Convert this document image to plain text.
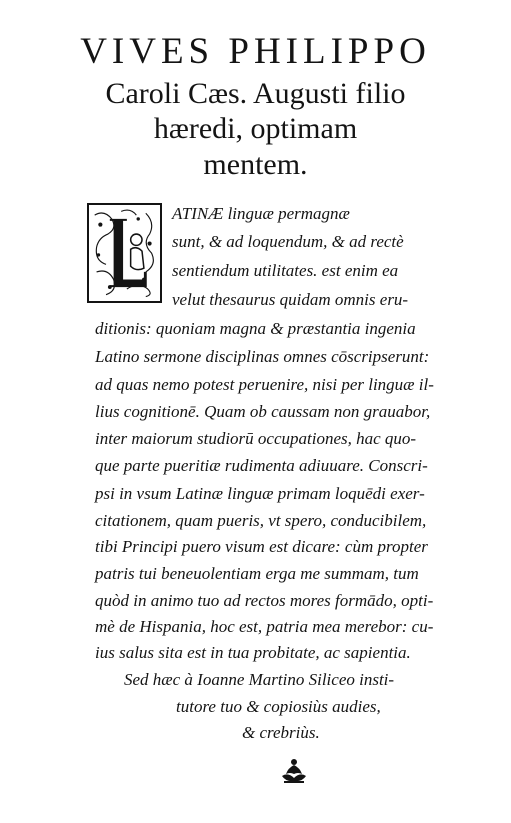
VIVES PHILIPPO
Caroli Cæs. Augusti filio
hæredi, optimam
mentem.
ATINÆ linguæ permagnæ
sunt, & ad loquendum, & ad rectè
sentiendum utilitates. est enim ea
velut thesaurus quidam omnis eru-
ditionis: quoniam magna & præstantia ingenia
Latino sermone disciplinas omnes cōscripserunt:
ad quas nemo potest peruenire, nisi per linguæ il-
lius cognitionē. Quam ob caussam non grauabor,
inter maiorum studiorū occupationes, hac quo-
que parte pueritiæ rudimenta adiuuare. Conscri-
psi in vsum Latinæ linguæ primam loquēdi exer-
citationem, quam pueris, vt spero, conducibilem,
tibi Principi puero visum est dicare: cùm propter
patris tui beneuolentiam erga me summam, tum
quòd in animo tuo ad rectos mores formādo, opti-
mè de Hispania, hoc est, patria mea merebor: cu-
ius salus sita est in tua probitate, ac sapientia.
Sed hæc à Ioanne Martino Siliceo insti-
tutore tuo & copiosiùs audies,
& crebriùs.
